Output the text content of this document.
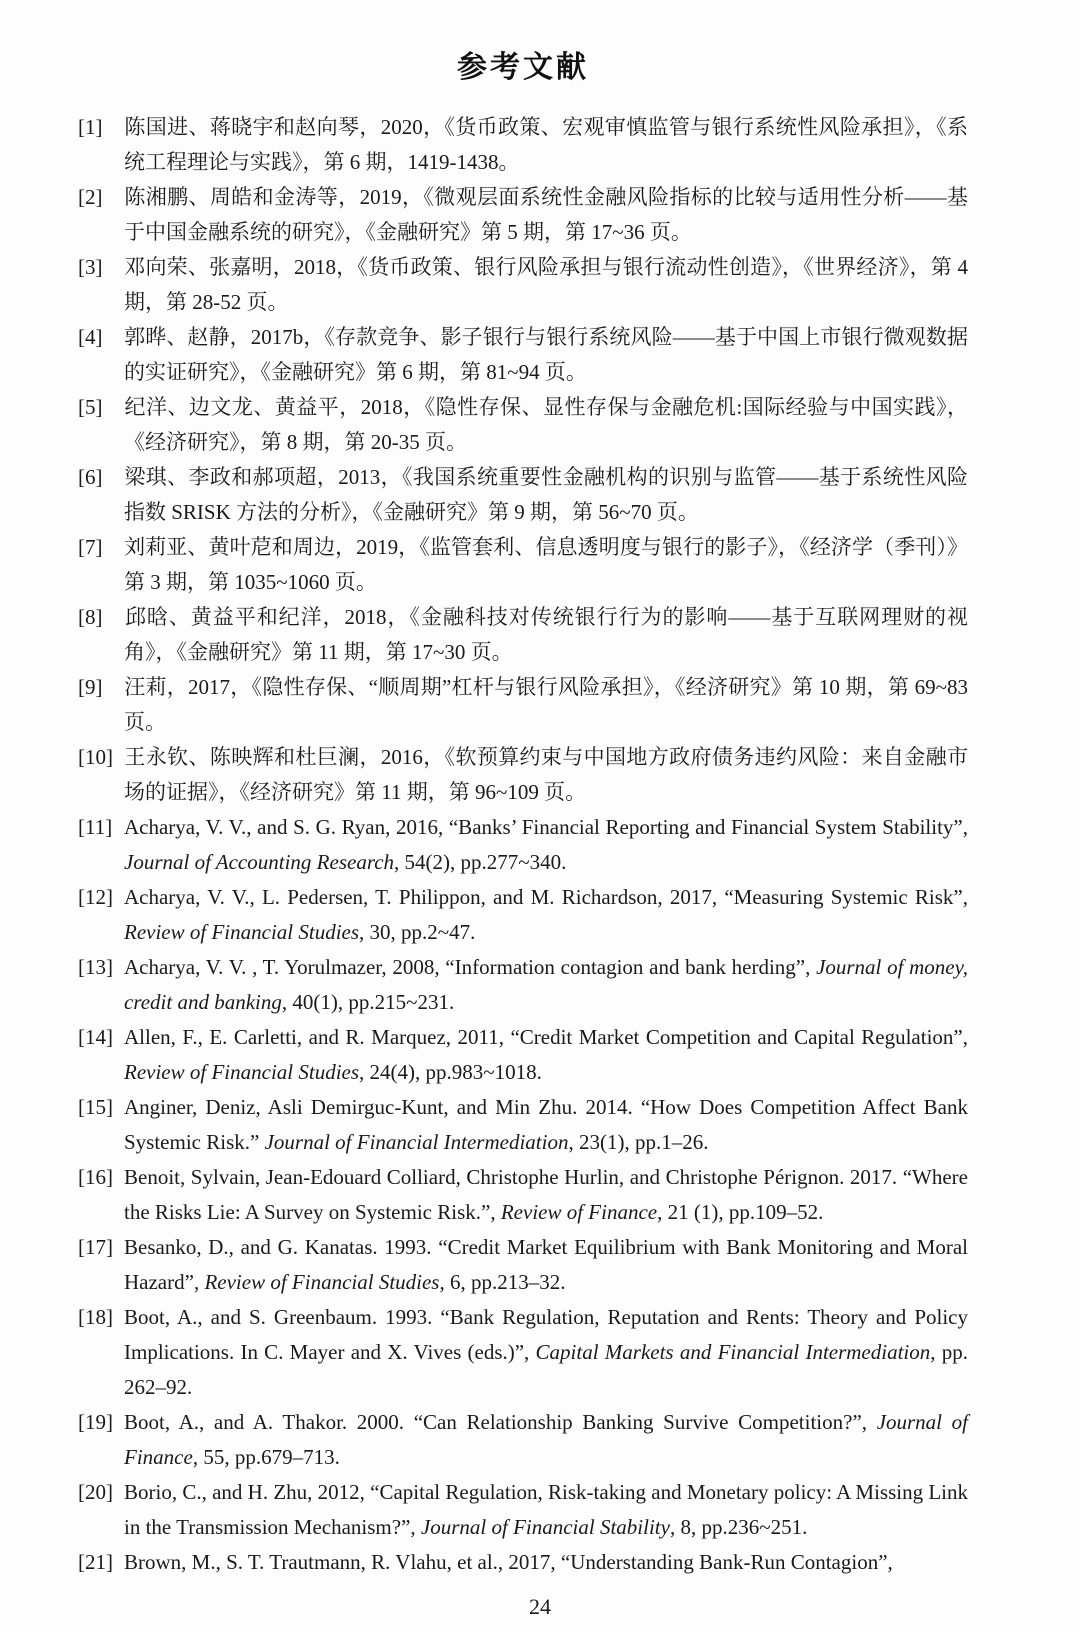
参考文献
[1] 陈国进、蒋晓宇和赵向琴，2020，《货币政策、宏观审慎监管与银行系统性风险承担》，《系统工程理论与实践》，第 6 期，1419-1438。
[2] 陈湘鹏、周皓和金涛等，2019，《微观层面系统性金融风险指标的比较与适用性分析——基于中国金融系统的研究》，《金融研究》第 5 期，第 17~36 页。
[3] 邓向荣、张嘉明，2018，《货币政策、银行风险承担与银行流动性创造》，《世界经济》，第 4 期，第 28-52 页。
[4] 郭晔、赵静，2017b，《存款竞争、影子银行与银行系统风险——基于中国上市银行微观数据的实证研究》，《金融研究》第 6 期，第 81~94 页。
[5] 纪洋、边文龙、黄益平，2018，《隐性存保、显性存保与金融危机:国际经验与中国实践》，《经济研究》，第 8 期，第 20-35 页。
[6] 梁琪、李政和郝项超，2013，《我国系统重要性金融机构的识别与监管——基于系统性风险指数 SRISK 方法的分析》，《金融研究》第 9 期，第 56~70 页。
[7] 刘莉亚、黄叶苨和周边，2019，《监管套利、信息透明度与银行的影子》，《经济学（季刊）》第 3 期，第 1035~1060 页。
[8] 邱晗、黄益平和纪洋，2018，《金融科技对传统银行行为的影响——基于互联网理财的视角》，《金融研究》第 11 期，第 17~30 页。
[9] 汪莉，2017，《隐性存保、“顺周期”杠杆与银行风险承担》，《经济研究》第 10 期，第 69~83 页。
[10] 王永钦、陈映辉和杜巨澜，2016，《软预算约束与中国地方政府债务违约风险：来自金融市场的证据》，《经济研究》第 11 期，第 96~109 页。
[11] Acharya, V. V., and S. G. Ryan, 2016, “Banks’ Financial Reporting and Financial System Stability”, Journal of Accounting Research, 54(2), pp.277~340.
[12] Acharya, V. V., L. Pedersen, T. Philippon, and M. Richardson, 2017, “Measuring Systemic Risk”, Review of Financial Studies, 30, pp.2~47.
[13] Acharya, V. V. , T. Yorulmazer, 2008, “Information contagion and bank herding”, Journal of money, credit and banking, 40(1), pp.215~231.
[14] Allen, F., E. Carletti, and R. Marquez, 2011, “Credit Market Competition and Capital Regulation”, Review of Financial Studies, 24(4), pp.983~1018.
[15] Anginer, Deniz, Asli Demirguc-Kunt, and Min Zhu. 2014. “How Does Competition Affect Bank Systemic Risk.” Journal of Financial Intermediation, 23(1), pp.1–26.
[16] Benoit, Sylvain, Jean-Edouard Colliard, Christophe Hurlin, and Christophe Pérignon. 2017. “Where the Risks Lie: A Survey on Systemic Risk.”, Review of Finance, 21 (1), pp.109–52.
[17] Besanko, D., and G. Kanatas. 1993. “Credit Market Equilibrium with Bank Monitoring and Moral Hazard”, Review of Financial Studies, 6, pp.213–32.
[18] Boot, A., and S. Greenbaum. 1993. “Bank Regulation, Reputation and Rents: Theory and Policy Implications. In C. Mayer and X. Vives (eds.)”, Capital Markets and Financial Intermediation, pp. 262–92.
[19] Boot, A., and A. Thakor. 2000. “Can Relationship Banking Survive Competition?”, Journal of Finance, 55, pp.679–713.
[20] Borio, C., and H. Zhu, 2012, “Capital Regulation, Risk-taking and Monetary policy: A Missing Link in the Transmission Mechanism?”, Journal of Financial Stability, 8, pp.236~251.
[21] Brown, M., S. T. Trautmann, R. Vlahu, et al., 2017, “Understanding Bank-Run Contagion”,
24
